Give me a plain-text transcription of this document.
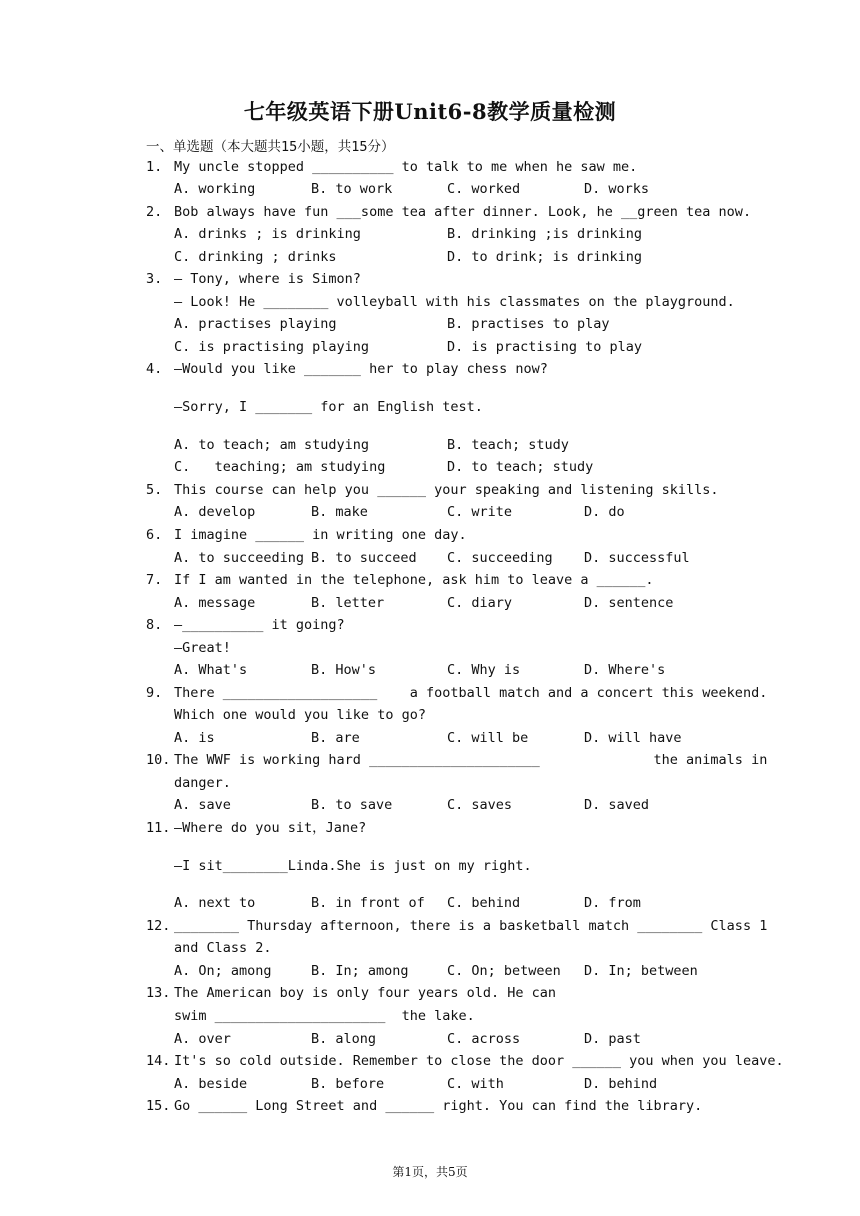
七年级英语下册Unit6-8教学质量检测
一、单选题（本大题共15小题，共15分）
1. My uncle stopped __________ to talk to me when he saw me.
A. working	B. to work	C. worked	D. works
2. Bob always have fun ___some tea after dinner. Look, he __green tea now.
A. drinks ; is drinking	B. drinking ;is drinking
C. drinking ; drinks	D. to drink; is drinking
3. — Tony, where is Simon?
— Look! He ________ volleyball with his classmates on the playground.
A. practises playing	B. practises to play
C. is practising playing	D. is practising to play
4. —Would you like _______ her to play chess now?
—Sorry, I _______ for an English test.
A. to teach; am studying	B. teach; study
C.   teaching; am studying	D. to teach; study
5. This course can help you ______ your speaking and listening skills.
A. develop	B. make	C. write	D. do
6. I imagine ______ in writing one day.
A. to succeeding B. to succeed C. succeeding D. successful
7. If I am wanted in the telephone, ask him to leave a ______.
A. message	B. letter	C. diary	D. sentence
8. —__________ it going?
—Great!
A. What's	B. How's	C. Why is	D. Where's
9. There ___________________    a football match and a concert this weekend.
Which one would you like to go?
A. is	B. are	C. will be	D. will have
10. The WWF is working hard _____________________              the animals in
danger.
A. save	B. to save	C. saves	D. saved
11. —Where do you sit，Jane?
—I sit________Linda.She is just on my right.
A. next to	B. in front of C. behind	D. from
12. ________ Thursday afternoon, there is a basketball match ________ Class 1
and Class 2.
A. On; among	B. In; among	C. On; between D. In; between
13. The American boy is only four years old. He can
swim _____________________  the lake.
A. over	B. along	C. across	D. past
14. It's so cold outside. Remember to close the door ______ you when you leave.
A. beside	B. before	C. with	D. behind
15. Go ______ Long Street and ______ right. You can find the library.
第1页，共5页
